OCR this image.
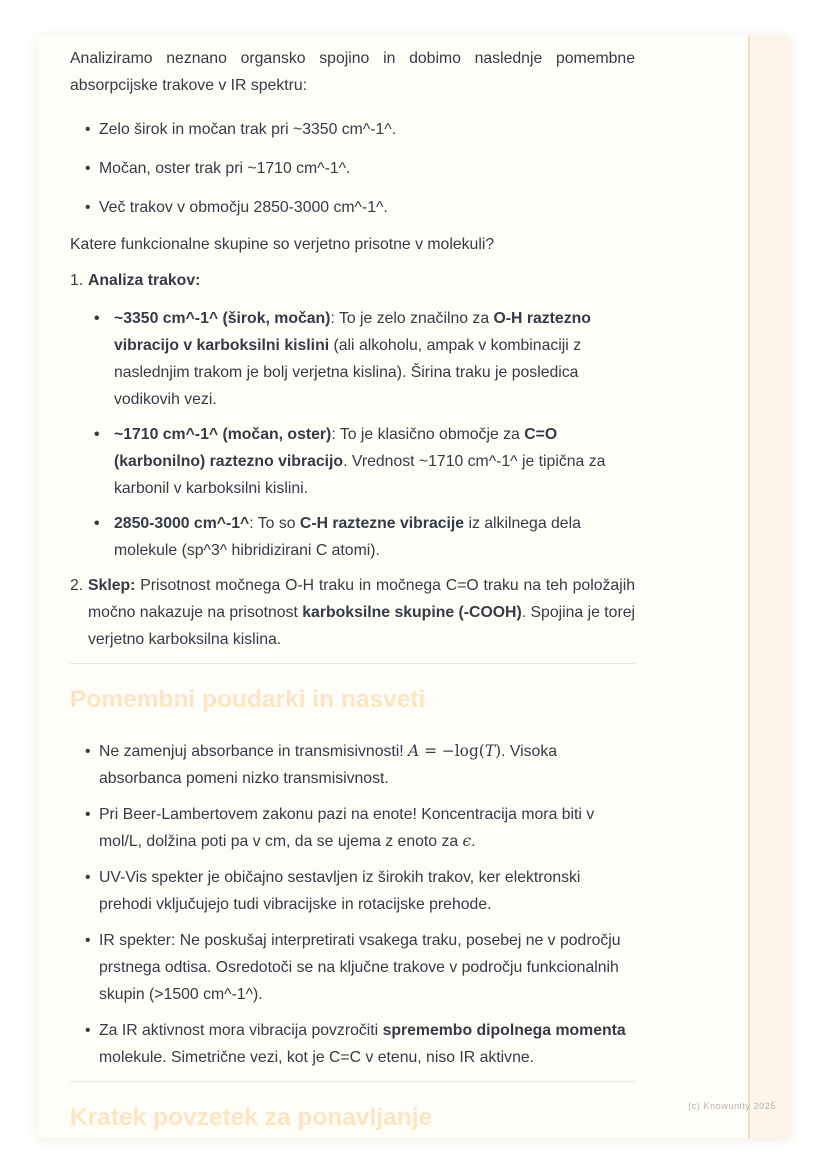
Analiziramo neznano organsko spojino in dobimo naslednje pomembne absorpcijske trakove v IR spektru:

• Zelo širok in močan trak pri ~3350 cm^-1^.
• Močan, oster trak pri ~1710 cm^-1^.
• Več trakov v območju 2850-3000 cm^-1^.

Katere funkcionalne skupine so verjetno prisotne v molekuli?

1. Analiza trakov:

• ~3350 cm^-1^ (širok, močan): To je zelo značilno za O-H raztezno vibracijo v karboksilni kislini (ali alkoholu, ampak v kombinaciji z naslednjim trakom je bolj verjetna kislina). Širina traku je posledica vodikovih vezi.
• ~1710 cm^-1^ (močan, oster): To je klasično območje za C=O (karbonilno) raztezno vibracijo. Vrednost ~1710 cm^-1^ je tipična za karbonil v karboksilni kislini.
• 2850-3000 cm^-1^: To so C-H raztezne vibracije iz alkilnega dela molekule (sp^3^ hibridizirani C atomi).
2. Sklep: Prisotnost močnega O-H traku in močnega C=O traku na teh položajih močno nakazuje na prisotnost karboksilne skupine (-COOH). Spojina je torej verjetno karboksilna kislina.
Pomembni poudarki in nasveti
• Ne zamenjuj absorbance in transmisivnosti! A = −log(T). Visoka absorbanca pomeni nizko transmisivnost.
• Pri Beer-Lambertovem zakonu pazi na enote! Koncentracija mora biti v mol/L, dolžina poti pa v cm, da se ujema z enoto za ϵ.
• UV-Vis spekter je običajno sestavljen iz širokih trakov, ker elektronski prehodi vključujejo tudi vibracijske in rotacijske prehode.
• IR spekter: Ne poskušaj interpretirati vsakega traku, posebej ne v področju prstnega odtisa. Osredotoči se na ključne trakove v področju funkcionalnih skupin (>1500 cm^-1^).
• Za IR aktivnost mora vibracija povzročiti spremembo dipolnega momenta molekule. Simetrične vezi, kot je C=C v etenu, niso IR aktivne.
Kratek povzetek za ponavljanje	(c) Knowunity 2025
